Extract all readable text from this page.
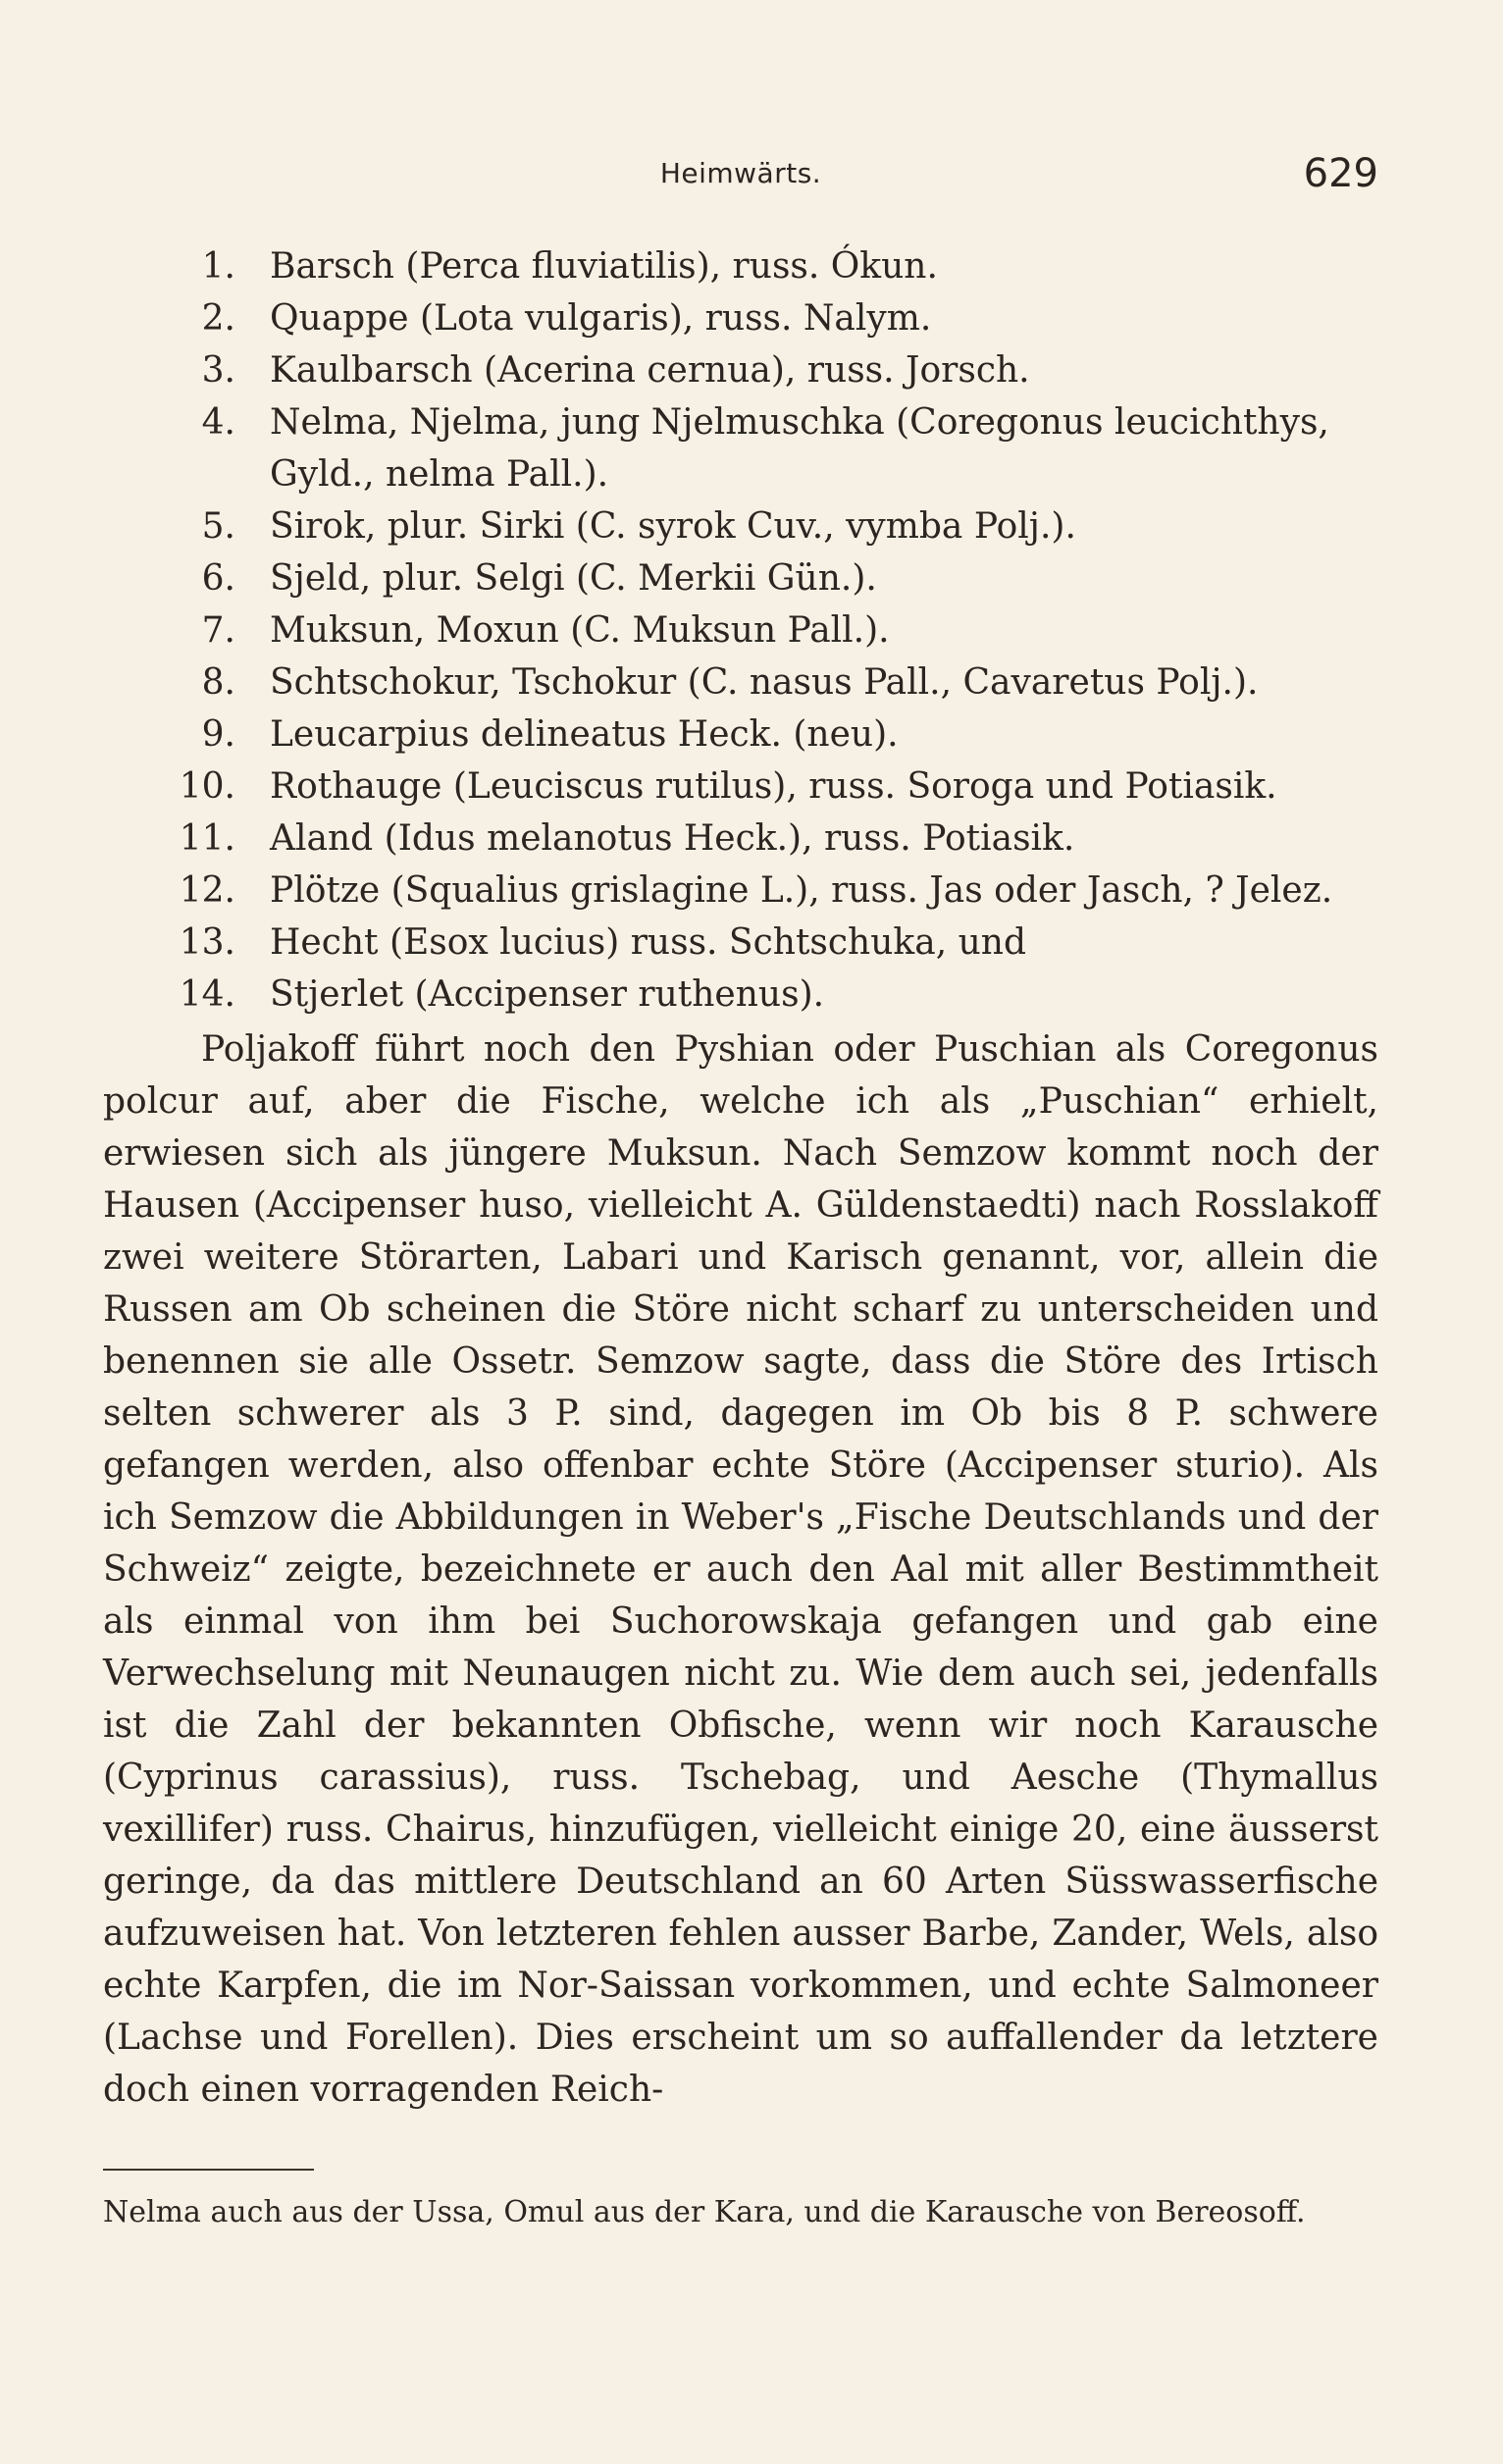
Heimwärts.	629
1. Barsch (Perca fluviatilis), russ. Ókun.
2. Quappe (Lota vulgaris), russ. Nalym.
3. Kaulbarsch (Acerina cernua), russ. Jorsch.
4. Nelma, Njelma, jung Njelmuschka (Coregonus leucichthys, Gyld., nelma Pall.).
5. Sirok, plur. Sirki (C. syrok Cuv., vymba Polj.).
6. Sjeld, plur. Selgi (C. Merkii Gün.).
7. Muksun, Moxun (C. Muksun Pall.).
8. Schtschokur, Tschokur (C. nasus Pall., Cavaretus Polj.).
9. Leucarpius delineatus Heck. (neu).
10. Rothauge (Leuciscus rutilus), russ. Soroga und Potiasik.
11. Aland (Idus melanotus Heck.), russ. Potiasik.
12. Plötze (Squalius grislagine L.), russ. Jas oder Jasch, ? Jelez.
13. Hecht (Esox lucius) russ. Schtschuka, und
14. Stjerlet (Accipenser ruthenus).

Poljakoff führt noch den Pyshian oder Puschian als Coregonus polcur auf, aber die Fische, welche ich als „Puschian“ erhielt, erwiesen sich als jüngere Muksun. Nach Semzow kommt noch der Hausen (Accipenser huso, vielleicht A. Güldenstaedti) nach Rosslakoff zwei weitere Störarten, Labari und Karisch genannt, vor, allein die Russen am Ob scheinen die Störe nicht scharf zu unterscheiden und benennen sie alle Ossetr. Semzow sagte, dass die Störe des Irtisch selten schwerer als 3 P. sind, dagegen im Ob bis 8 P. schwere gefangen werden, also offenbar echte Störe (Accipenser sturio). Als ich Semzow die Abbildungen in Weber's „Fische Deutschlands und der Schweiz“ zeigte, bezeichnete er auch den Aal mit aller Bestimmtheit als einmal von ihm bei Suchorowskaja gefangen und gab eine Verwechselung mit Neunaugen nicht zu. Wie dem auch sei, jedenfalls ist die Zahl der bekannten Obfische, wenn wir noch Karausche (Cyprinus carassius), russ. Tschebag, und Aesche (Thymallus vexillifer) russ. Chairus, hinzufügen, vielleicht einige 20, eine äusserst geringe, da das mittlere Deutschland an 60 Arten Süsswasserfische aufzuweisen hat. Von letzteren fehlen ausser Barbe, Zander, Wels, also echte Karpfen, die im Nor-Saissan vorkommen, und echte Salmoneer (Lachse und Forellen). Dies erscheint um so auffallender da letztere doch einen vorragenden Reich-

Nelma auch aus der Ussa, Omul aus der Kara, und die Karausche von Bereosoff.
